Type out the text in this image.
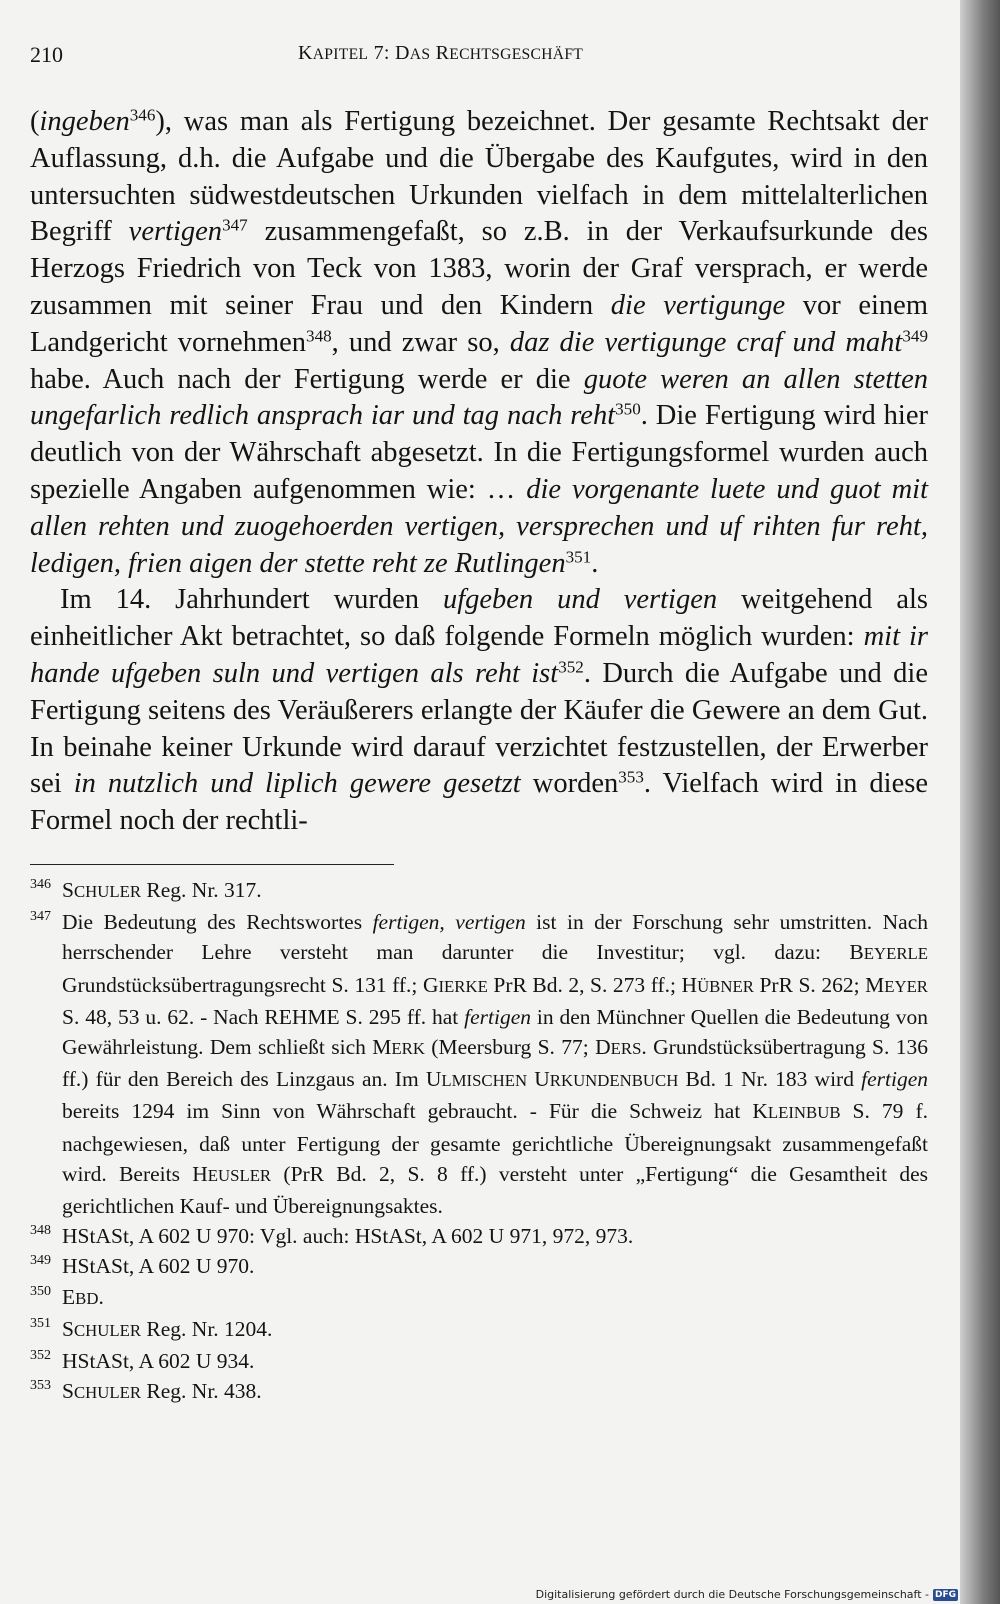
210	KAPITEL 7: DAS RECHTSGESCHÄFT

(ingeben$^{346}$), was man als Fertigung bezeichnet. Der gesamte Rechtsakt der Auflassung, d.h. die Aufgabe und die Übergabe des Kaufgutes, wird in den untersuchten südwestdeutschen Urkunden vielfach in dem mittelalterlichen Begriff vertigen$^{347}$ zusammengefaßt, so z.B. in der Verkaufsurkunde des Herzogs Friedrich von Teck von 1383, worin der Graf versprach, er werde zusammen mit seiner Frau und den Kindern die vertigunge vor einem Landgericht vornehmen$^{348}$, und zwar so, daz die vertigunge craf und maht$^{349}$ habe. Auch nach der Fertigung werde er die guote weren an allen stetten ungefarlich redlich ansprach iar und tag nach reht$^{350}$. Die Fertigung wird hier deutlich von der Währschaft abgesetzt. In die Fertigungsformel wurden auch spezielle Angaben aufgenommen wie: … die vorgenante luete und guot mit allen rehten und zuogehoerden vertigen, versprechen und uf rihten fur reht, ledigen, frien aigen der stette reht ze Rutlingen$^{351}$.

Im 14. Jahrhundert wurden ufgeben und vertigen weitgehend als einheitlicher Akt betrachtet, so daß folgende Formeln möglich wurden: mit ir hande ufgeben suln und vertigen als reht ist$^{352}$. Durch die Aufgabe und die Fertigung seitens des Veräußerers erlangte der Käufer die Gewere an dem Gut. In beinahe keiner Urkunde wird darauf verzichtet festzustellen, der Erwerber sei in nutzlich und liplich gewere gesetzt worden$^{353}$. Vielfach wird in diese Formel noch der rechtli-

346 SCHULER Reg. Nr. 317.
347 Die Bedeutung des Rechtswortes fertigen, vertigen ist in der Forschung sehr umstritten. Nach herrschender Lehre versteht man darunter die Investitur; vgl. dazu: BEYERLE Grundstücksübertragungsrecht S. 131 ff.; GIERKE PrR Bd. 2, S. 273 ff.; HÜBNER PrR S. 262; MEYER S. 48, 53 u. 62. - Nach REHME S. 295 ff. hat fertigen in den Münchner Quellen die Bedeutung von Gewährleistung. Dem schließt sich MERK (Meersburg S. 77; DERS. Grundstücksübertragung S. 136 ff.) für den Bereich des Linzgaus an. Im ULMISCHEN URKUNDENBUCH Bd. 1 Nr. 183 wird fertigen bereits 1294 im Sinn von Währschaft gebraucht. - Für die Schweiz hat KLEINBUB S. 79 f. nachgewiesen, daß unter Fertigung der gesamte gerichtliche Übereignungsakt zusammengefaßt wird. Bereits HEUSLER (PrR Bd. 2, S. 8 ff.) versteht unter „Fertigung“ die Gesamtheit des gerichtlichen Kauf- und Übereignungsaktes.
348 HStASt, A 602 U 970: Vgl. auch: HStASt, A 602 U 971, 972, 973.
349 HStASt, A 602 U 970.
350 EBD.
351 SCHULER Reg. Nr. 1204.
352 HStASt, A 602 U 934.
353 SCHULER Reg. Nr. 438.
Digitalisierung gefördert durch die Deutsche Forschungsgemeinschaft - DFG
